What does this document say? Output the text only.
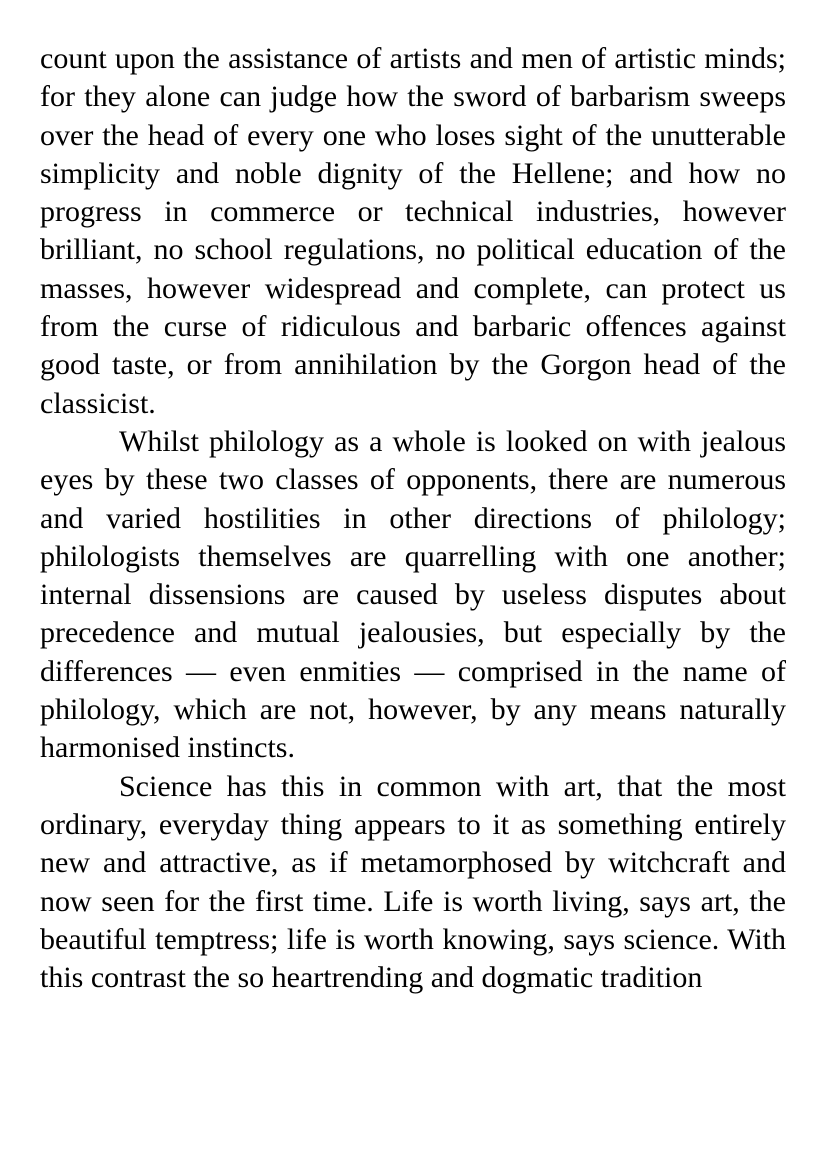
count upon the assistance of artists and men of artistic minds; for they alone can judge how the sword of barbarism sweeps over the head of every one who loses sight of the unutterable simplicity and noble dignity of the Hellene; and how no progress in commerce or technical industries, however brilliant, no school regulations, no political education of the masses, however widespread and complete, can protect us from the curse of ridiculous and barbaric offences against good taste, or from annihilation by the Gorgon head of the classicist.

Whilst philology as a whole is looked on with jealous eyes by these two classes of opponents, there are numerous and varied hostilities in other directions of philology; philologists themselves are quarrelling with one another; internal dissensions are caused by useless disputes about precedence and mutual jealousies, but especially by the differences — even enmities — comprised in the name of philology, which are not, however, by any means naturally harmonised instincts.

Science has this in common with art, that the most ordinary, everyday thing appears to it as something entirely new and attractive, as if metamorphosed by witchcraft and now seen for the first time. Life is worth living, says art, the beautiful temptress; life is worth knowing, says science. With this contrast the so heartrending and dogmatic tradition
